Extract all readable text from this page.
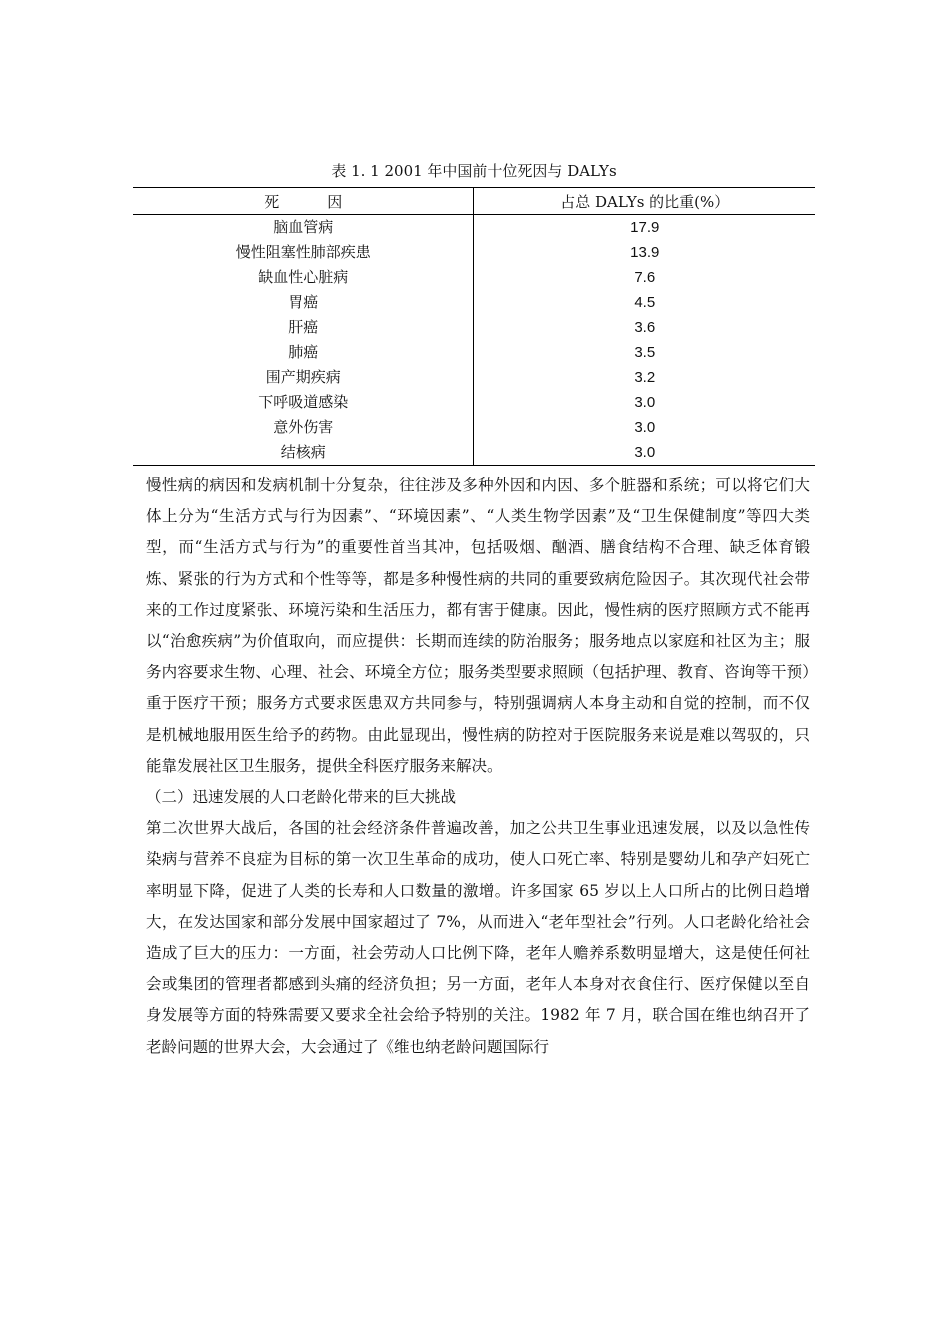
表 1. 1 2001 年中国前十位死因与 DALYs
死 因	占总 DALYs 的比重(%）
脑血管病	17.9
慢性阻塞性肺部疾患	13.9
缺血性心脏病	7.6
胃癌	4.5
肝癌	3.6
肺癌	3.5
围产期疾病	3.2
下呼吸道感染	3.0
意外伤害	3.0
结核病	3.0

慢性病的病因和发病机制十分复杂，往往涉及多种外因和内因、多个脏器和系统；可以将它们大体上分为“生活方式与行为因素”、“环境因素”、“人类生物学因素”及“卫生保健制度”等四大类型，而“生活方式与行为”的重要性首当其冲，包括吸烟、酗酒、膳食结构不合理、缺乏体育锻炼、紧张的行为方式和个性等等，都是多种慢性病的共同的重要致病危险因子。其次现代社会带来的工作过度紧张、环境污染和生活压力，都有害于健康。因此，慢性病的医疗照顾方式不能再以“治愈疾病”为价值取向，而应提供：长期而连续的防治服务；服务地点以家庭和社区为主；服务内容要求生物、心理、社会、环境全方位；服务类型要求照顾（包括护理、教育、咨询等干预）重于医疗干预；服务方式要求医患双方共同参与，特别强调病人本身主动和自觉的控制，而不仅是机械地服用医生给予的药物。由此显现出，慢性病的防控对于医院服务来说是难以驾驭的，只能靠发展社区卫生服务，提供全科医疗服务来解决。

（二）迅速发展的人口老龄化带来的巨大挑战

第二次世界大战后，各国的社会经济条件普遍改善，加之公共卫生事业迅速发展，以及以急性传染病与营养不良症为目标的第一次卫生革命的成功，使人口死亡率、特别是婴幼儿和孕产妇死亡率明显下降，促进了人类的长寿和人口数量的激增。许多国家 65 岁以上人口所占的比例日趋增大，在发达国家和部分发展中国家超过了 7%，从而进入“老年型社会”行列。人口老龄化给社会造成了巨大的压力：一方面，社会劳动人口比例下降，老年人赡养系数明显增大，这是使任何社会或集团的管理者都感到头痛的经济负担；另一方面，老年人本身对衣食住行、医疗保健以至自身发展等方面的特殊需要又要求全社会给予特别的关注。1982 年 7 月，联合国在维也纳召开了老龄问题的世界大会，大会通过了《维也纳老龄问题国际行
